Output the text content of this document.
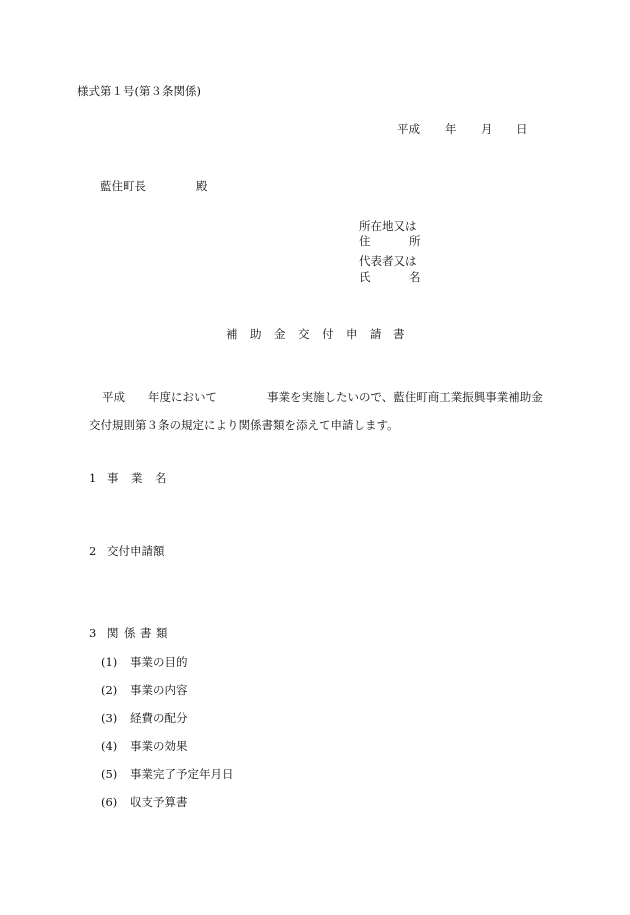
様式第１号(第３条関係)
平成 年 月 日
藍住町長	殿
所在地又は
住	所
代表者又は
氏	名
補 助 金 交 付 申 請 書
平成 年度において	事業を実施したいので、藍住町商工業振興事業補助金
交付規則第３条の規定により関係書類を添えて申請します。
1 事 業 名
2 交付申請額
3 関 係 書 類
(1) 事業の目的
(2) 事業の内容
(3) 経費の配分
(4) 事業の効果
(5) 事業完了予定年月日
(6) 収支予算書
